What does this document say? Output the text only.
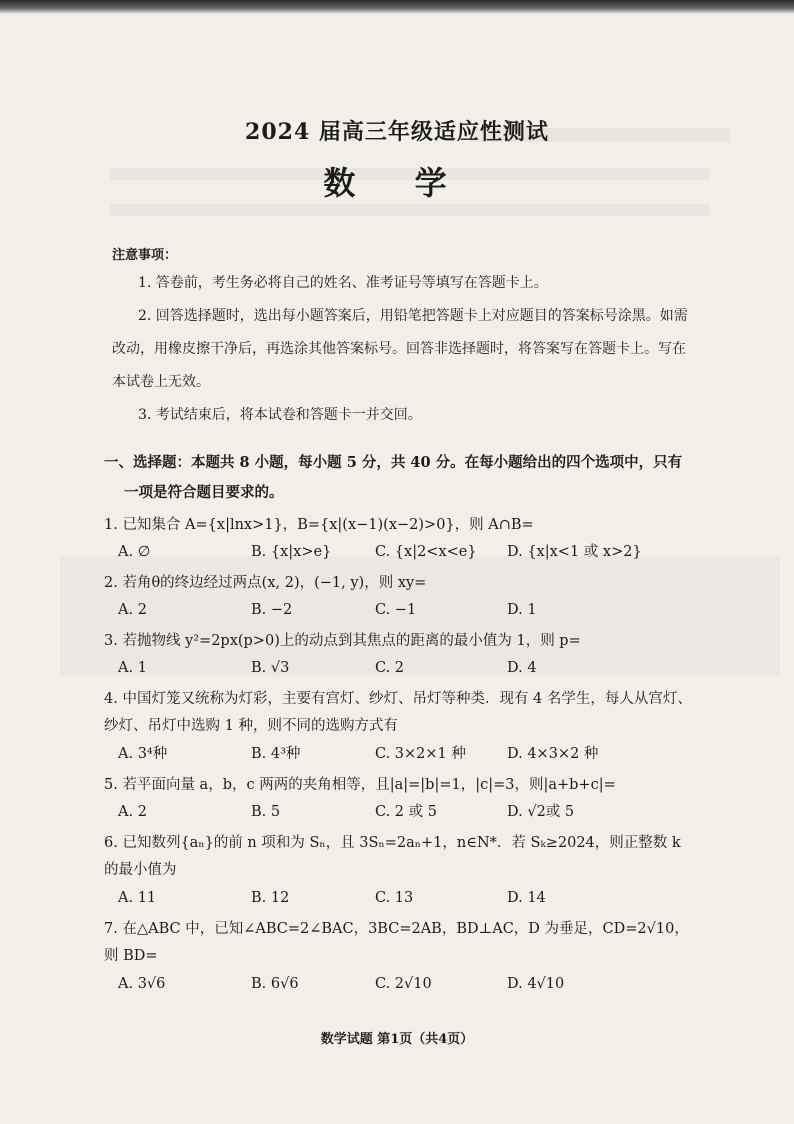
2024 届高三年级适应性测试
数 学

注意事项：

1. 答卷前，考生务必将自己的姓名、准考证号等填写在答题卡上。

2. 回答选择题时，选出每小题答案后，用铅笔把答题卡上对应题目的答案标号涂黑。如需改动，用橡皮擦干净后，再选涂其他答案标号。回答非选择题时，将答案写在答题卡上。写在本试卷上无效。

3. 考试结束后，将本试卷和答题卡一并交回。

一、选择题：本题共 8 小题，每小题 5 分，共 40 分。在每小题给出的四个选项中，只有
一项是符合题目要求的。
1. 已知集合 A={x|lnx>1}，B={x|(x−1)(x−2)>0}，则 A∩B=
A. ∅	B. {x|x>e}	C. {x|2<x<e}	D. {x|x<1 或 x>2}
2. 若角θ的终边经过两点(x, 2)，(−1, y)，则 xy=
A. 2	B. −2	C. −1	D. 1
3. 若抛物线 y²=2px(p>0)上的动点到其焦点的距离的最小值为 1，则 p=
A. 1	B. √3	C. 2	D. 4
4. 中国灯笼又统称为灯彩，主要有宫灯、纱灯、吊灯等种类．现有 4 名学生，每人从宫灯、纱灯、吊灯中选购 1 种，则不同的选购方式有
A. 3⁴种	B. 4³种	C. 3×2×1 种	D. 4×3×2 种
5. 若平面向量 a，b，c 两两的夹角相等，且|a|=|b|=1，|c|=3，则|a+b+c|=
A. 2	B. 5	C. 2 或 5	D. √2或 5
6. 已知数列{aₙ}的前 n 项和为 Sₙ，且 3Sₙ=2aₙ+1，n∈N*．若 Sₖ≥2024，则正整数 k 的最小值为
A. 11	B. 12	C. 13	D. 14
7. 在△ABC 中，已知∠ABC=2∠BAC，3BC=2AB，BD⊥AC，D 为垂足，CD=2√10，则 BD=
A. 3√6	B. 6√6	C. 2√10	D. 4√10
数学试题 第1页（共4页）
